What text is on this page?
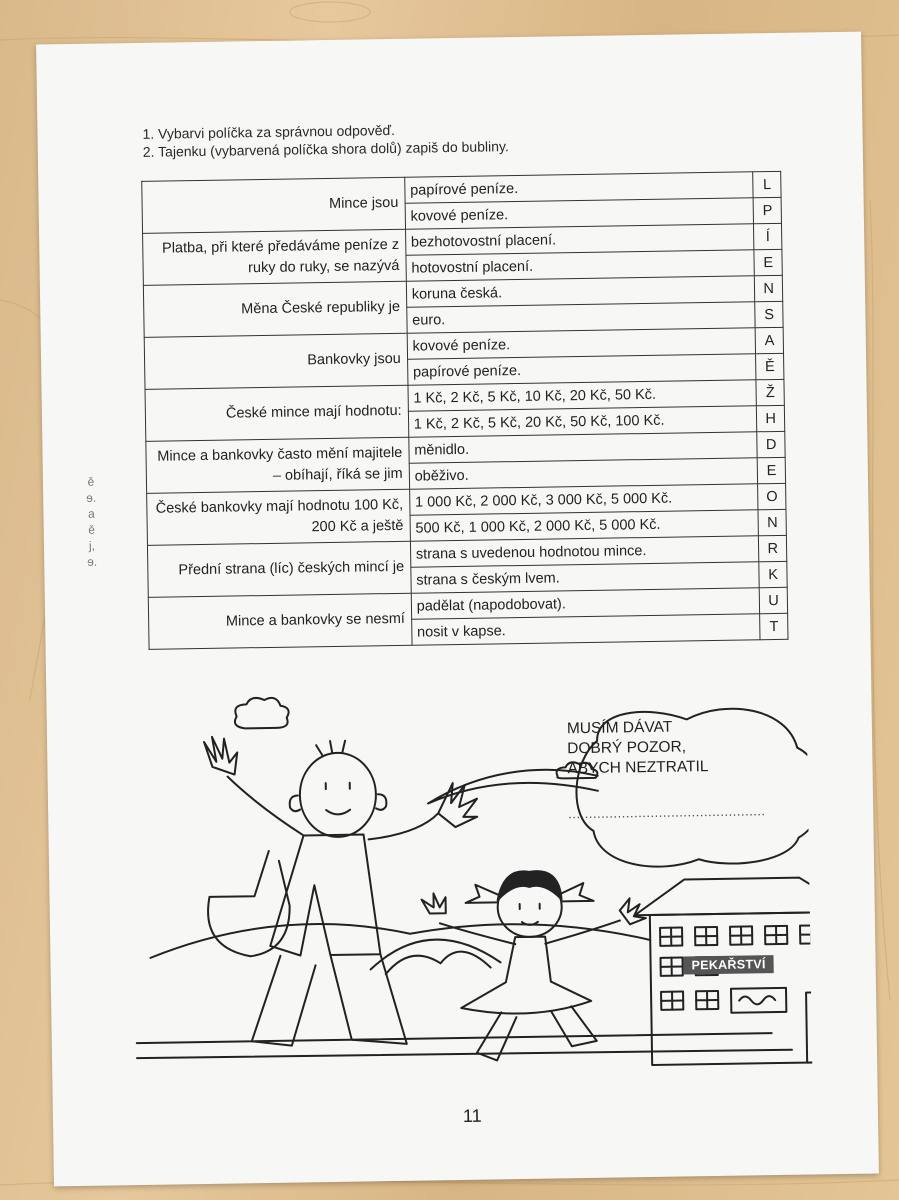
ě
ɘ.
a
ě
j,
ɘ.
1. Vybarvi políčka za správnou odpověď.
2. Tajenku (vybarvená políčka shora dolů) zapiš do bubliny.
Mince jsou	papírové peníze.	L
	kovové peníze.	P
Platba, při které předáváme peníze z ruky do ruky, se nazývá	bezhotovostní placení.	Í
	hotovostní placení.	E
Měna České republiky je	koruna česká.	N
	euro.	S
Bankovky jsou	kovové peníze.	A
	papírové peníze.	Ě
České mince mají hodnotu:	1 Kč, 2 Kč, 5 Kč, 10 Kč, 20 Kč, 50 Kč.	Ž
	1 Kč, 2 Kč, 5 Kč, 20 Kč, 50 Kč, 100 Kč.	H
Mince a bankovky často mění majitele – obíhají, říká se jim	měnidlo.	D
	oběživo.	E
České bankovky mají hodnotu 100 Kč, 200 Kč a ještě	1 000 Kč, 2 000 Kč, 3 000 Kč, 5 000 Kč.	O
	500 Kč, 1 000 Kč, 2 000 Kč, 5 000 Kč.	N
Přední strana (líc) českých mincí je	strana s uvedenou hodnotou mince.	R
	strana s českým lvem.	K
Mince a bankovky se nesmí	padělat (napodobovat).	U
	nosit v kapse.	T
MUSÍM DÁVAT
DOBRÝ POZOR,
ABYCH NEZTRATIL
................................................
PEKAŘSTVÍ
11
